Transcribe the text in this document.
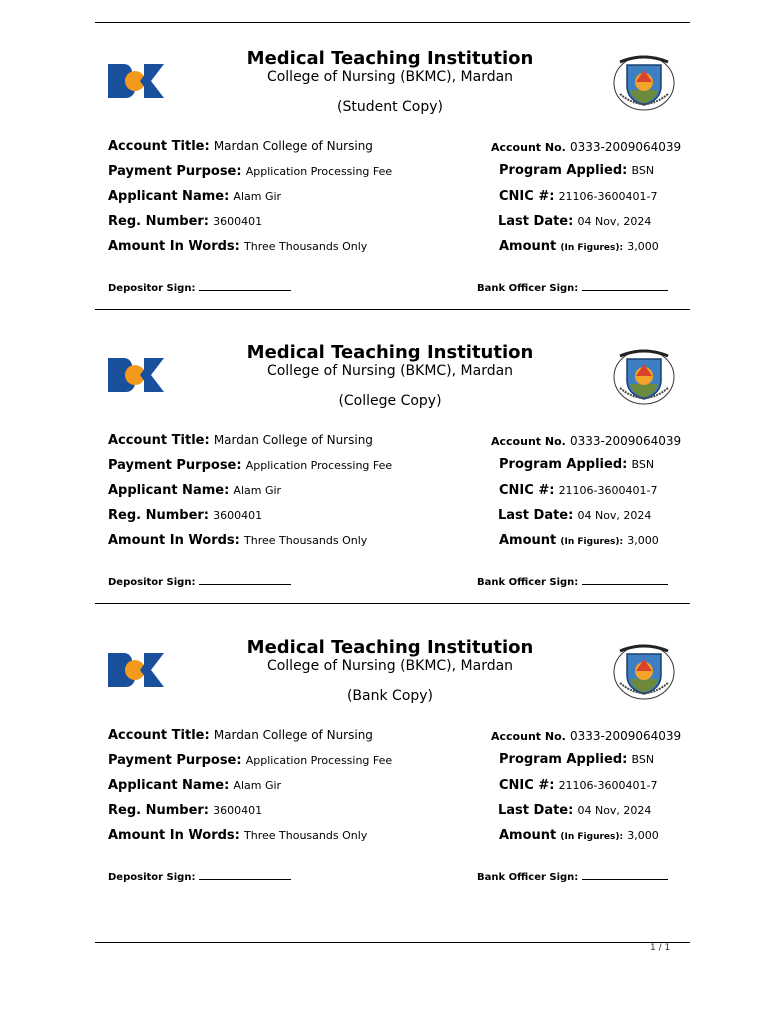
Medical Teaching Institution
College of Nursing (BKMC), Mardan
(Student Copy)
Account Title: Mardan College of Nursing
Payment Purpose: Application Processing Fee
Applicant Name: Alam Gir
Reg. Number: 3600401
Amount In Words: Three Thousands Only
Account No. 0333-2009064039
Program Applied: BSN
CNIC #: 21106-3600401-7
Last Date: 04 Nov, 2024
Amount (In Figures): 3,000
Depositor Sign:	Bank Officer Sign:
Medical Teaching Institution
College of Nursing (BKMC), Mardan
(College Copy)
Account Title: Mardan College of Nursing
Payment Purpose: Application Processing Fee
Applicant Name: Alam Gir
Reg. Number: 3600401
Amount In Words: Three Thousands Only
Account No. 0333-2009064039
Program Applied: BSN
CNIC #: 21106-3600401-7
Last Date: 04 Nov, 2024
Amount (In Figures): 3,000
Depositor Sign:	Bank Officer Sign:
Medical Teaching Institution
College of Nursing (BKMC), Mardan
(Bank Copy)
Account Title: Mardan College of Nursing
Payment Purpose: Application Processing Fee
Applicant Name: Alam Gir
Reg. Number: 3600401
Amount In Words: Three Thousands Only
Account No. 0333-2009064039
Program Applied: BSN
CNIC #: 21106-3600401-7
Last Date: 04 Nov, 2024
Amount (In Figures): 3,000
Depositor Sign:	Bank Officer Sign:
1 / 1
